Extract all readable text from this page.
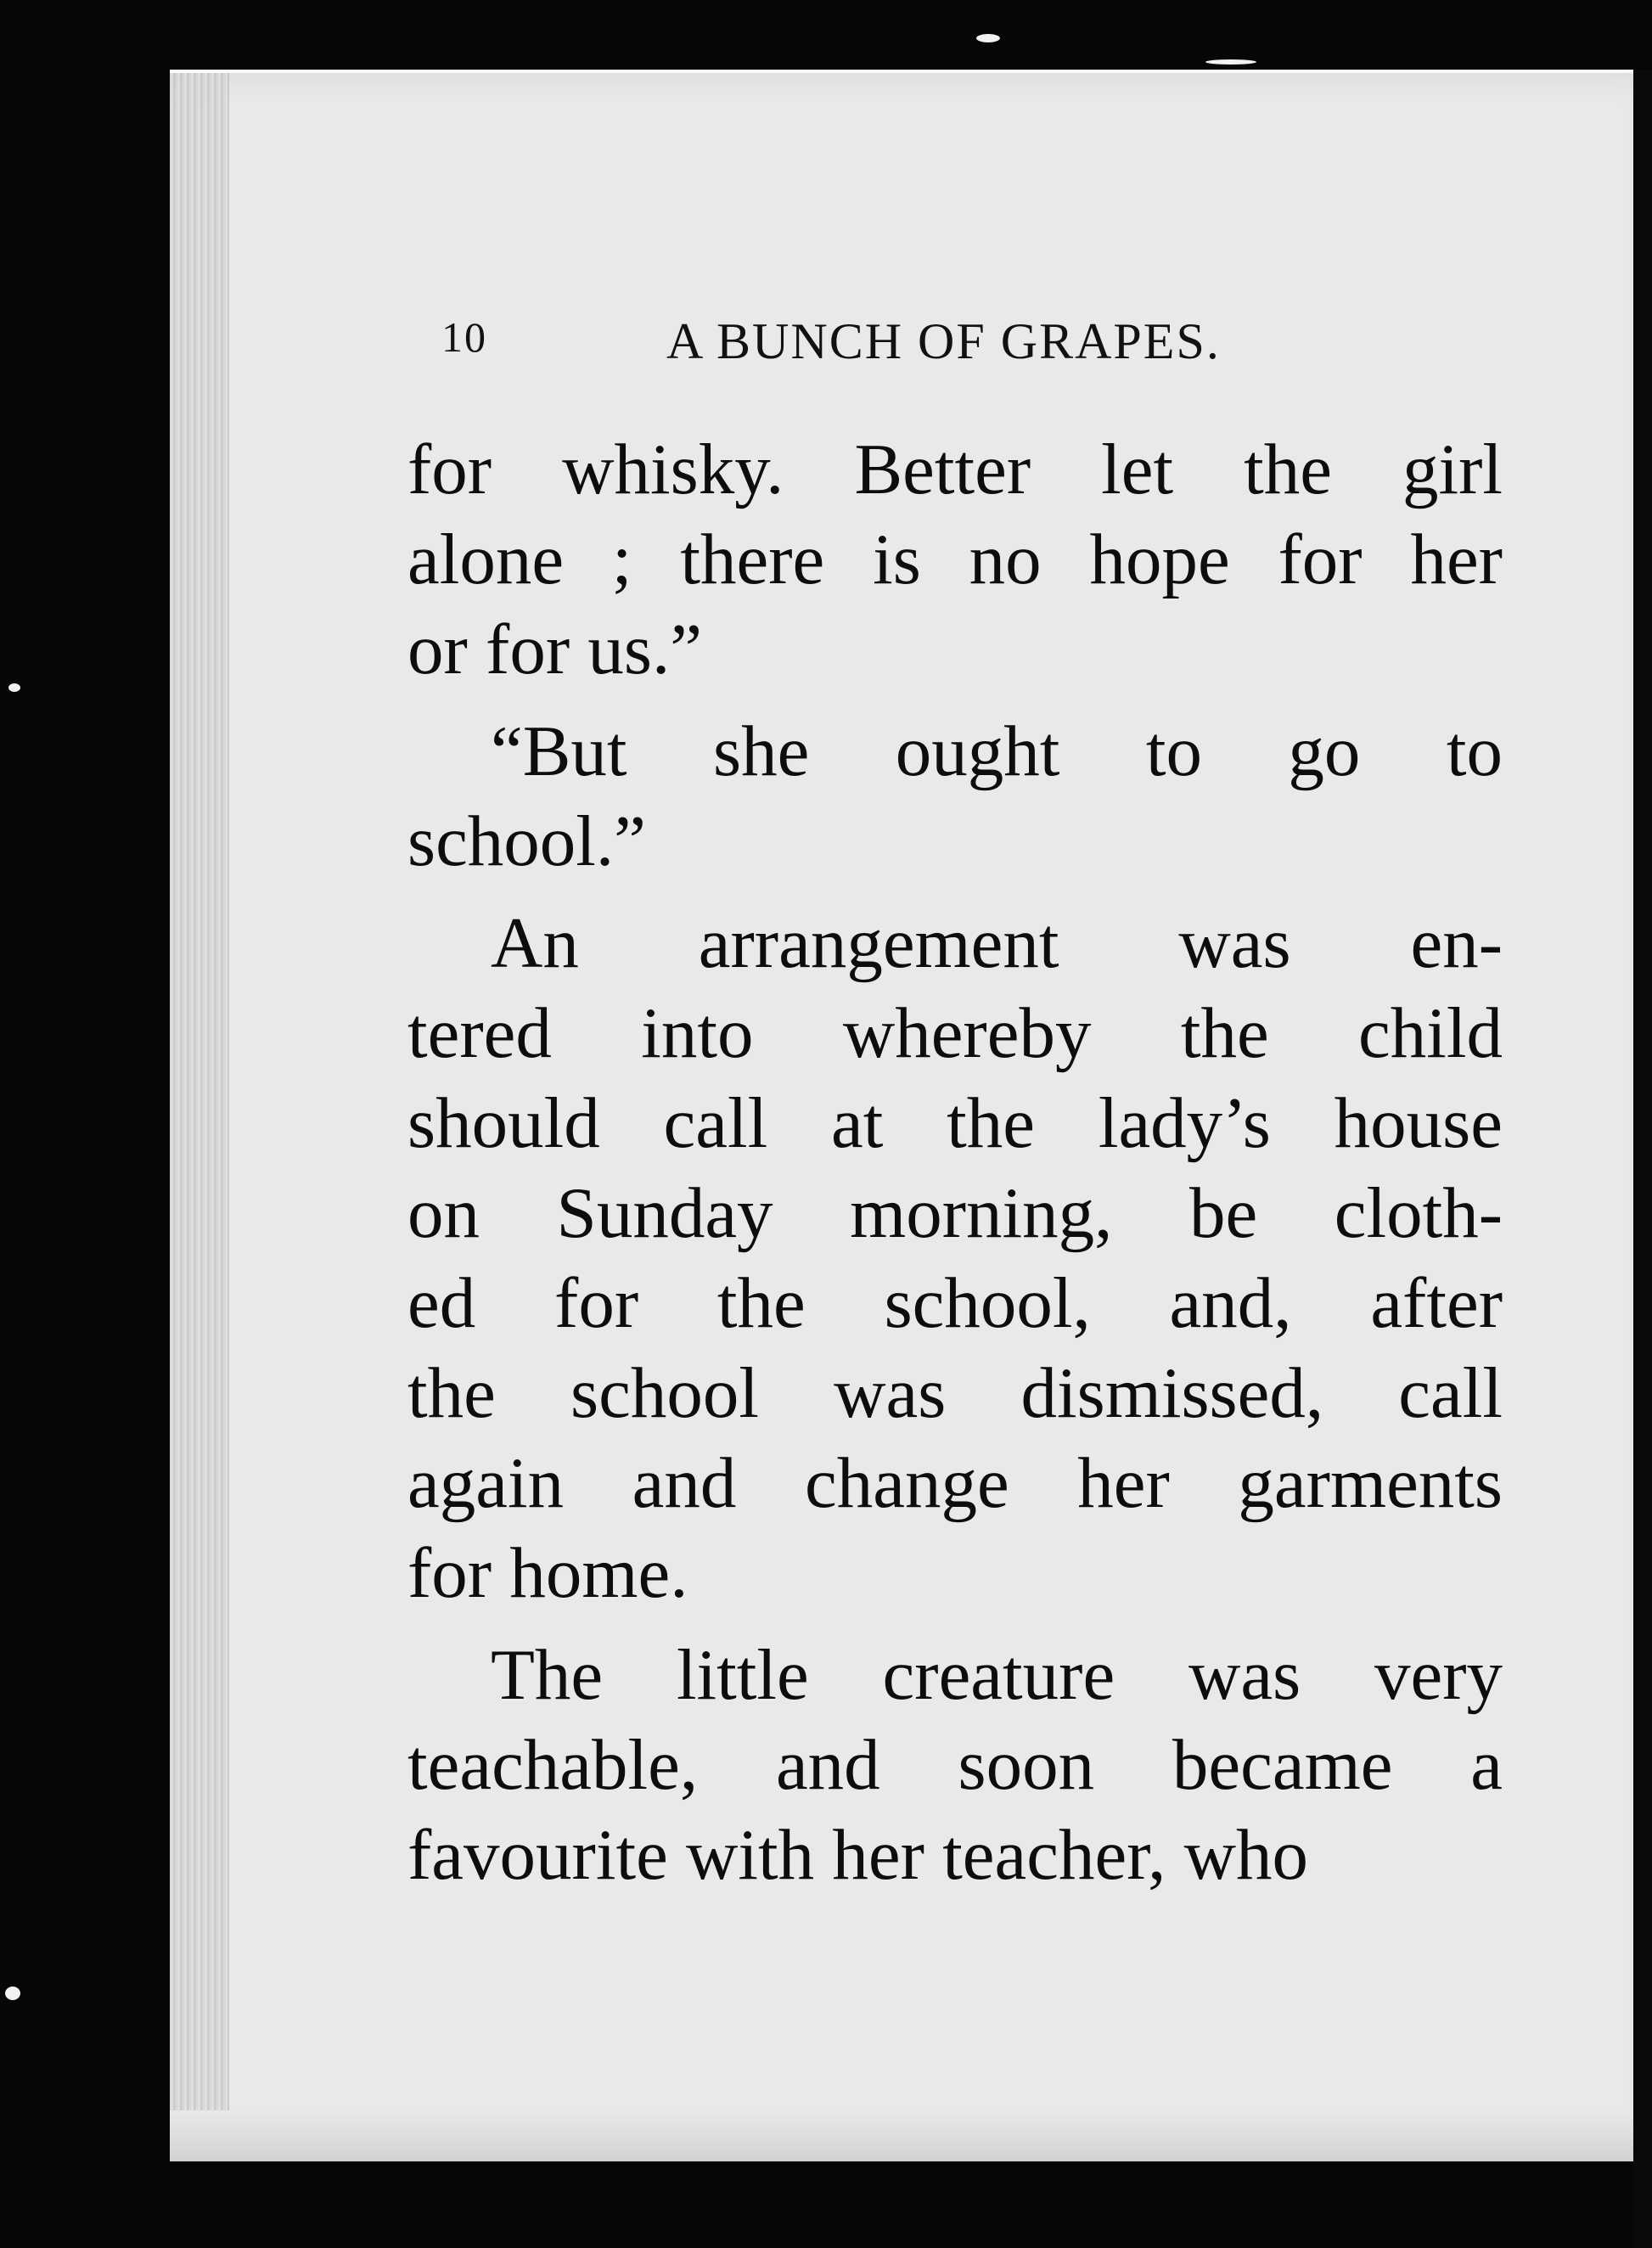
10	A BUNCH OF GRAPES.
for whisky. Better let the girl
alone ; there is no hope for her
or for us.”
“But she ought to go to
school.”
An arrangement was en-
tered into whereby the child
should call at the lady’s house
on Sunday morning, be cloth-
ed for the school, and, after
the school was dismissed, call
again and change her garments
for home.
The little creature was very
teachable, and soon became a
favourite with her teacher, who
